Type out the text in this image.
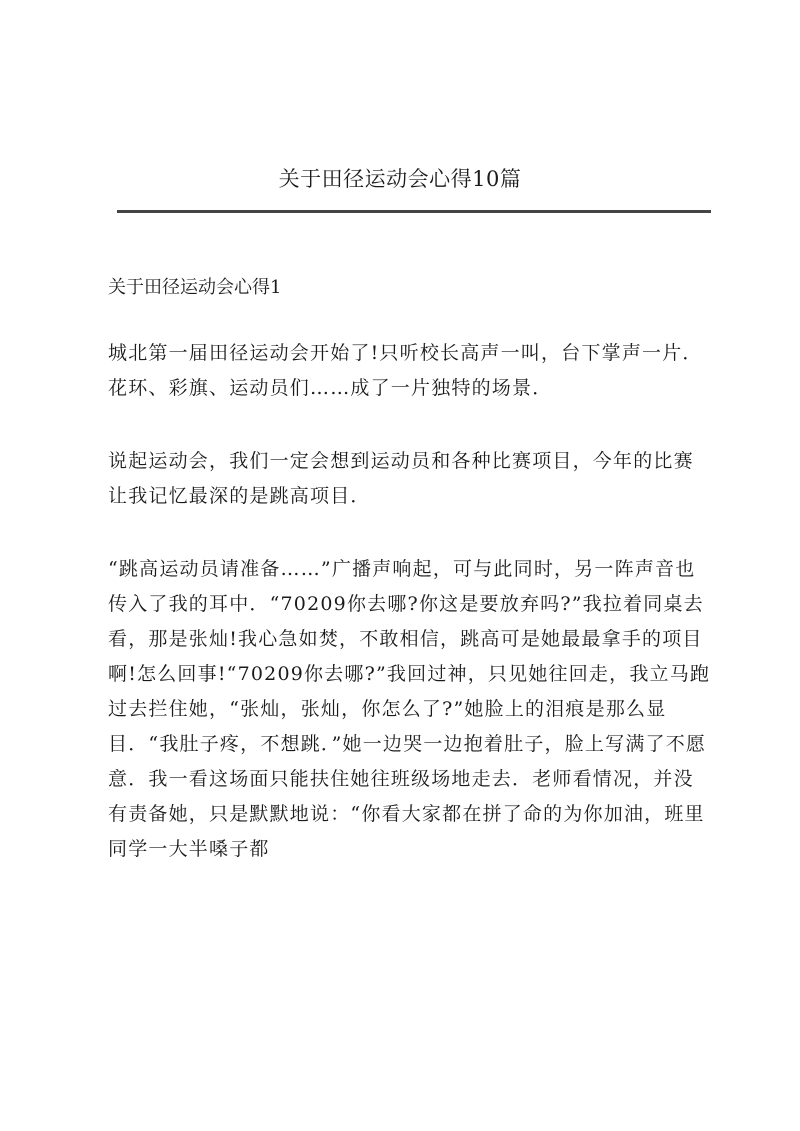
关于田径运动会心得10篇
关于田径运动会心得1

城北第一届田径运动会开始了!只听校长高声一叫，台下掌声一片．花环、彩旗、运动员们……成了一片独特的场景．

说起运动会，我们一定会想到运动员和各种比赛项目，今年的比赛让我记忆最深的是跳高项目．

“跳高运动员请准备……”广播声响起，可与此同时，另一阵声音也传入了我的耳中．“70209你去哪?你这是要放弃吗?”我拉着同桌去看，那是张灿!我心急如焚，不敢相信，跳高可是她最最拿手的项目啊!怎么回事!“70209你去哪?”我回过神，只见她往回走，我立马跑过去拦住她，“张灿，张灿，你怎么了?”她脸上的泪痕是那么显目．“我肚子疼，不想跳．”她一边哭一边抱着肚子，脸上写满了不愿意．我一看这场面只能扶住她往班级场地走去．老师看情况，并没有责备她，只是默默地说：“你看大家都在拼了命的为你加油，班里同学一大半嗓子都
